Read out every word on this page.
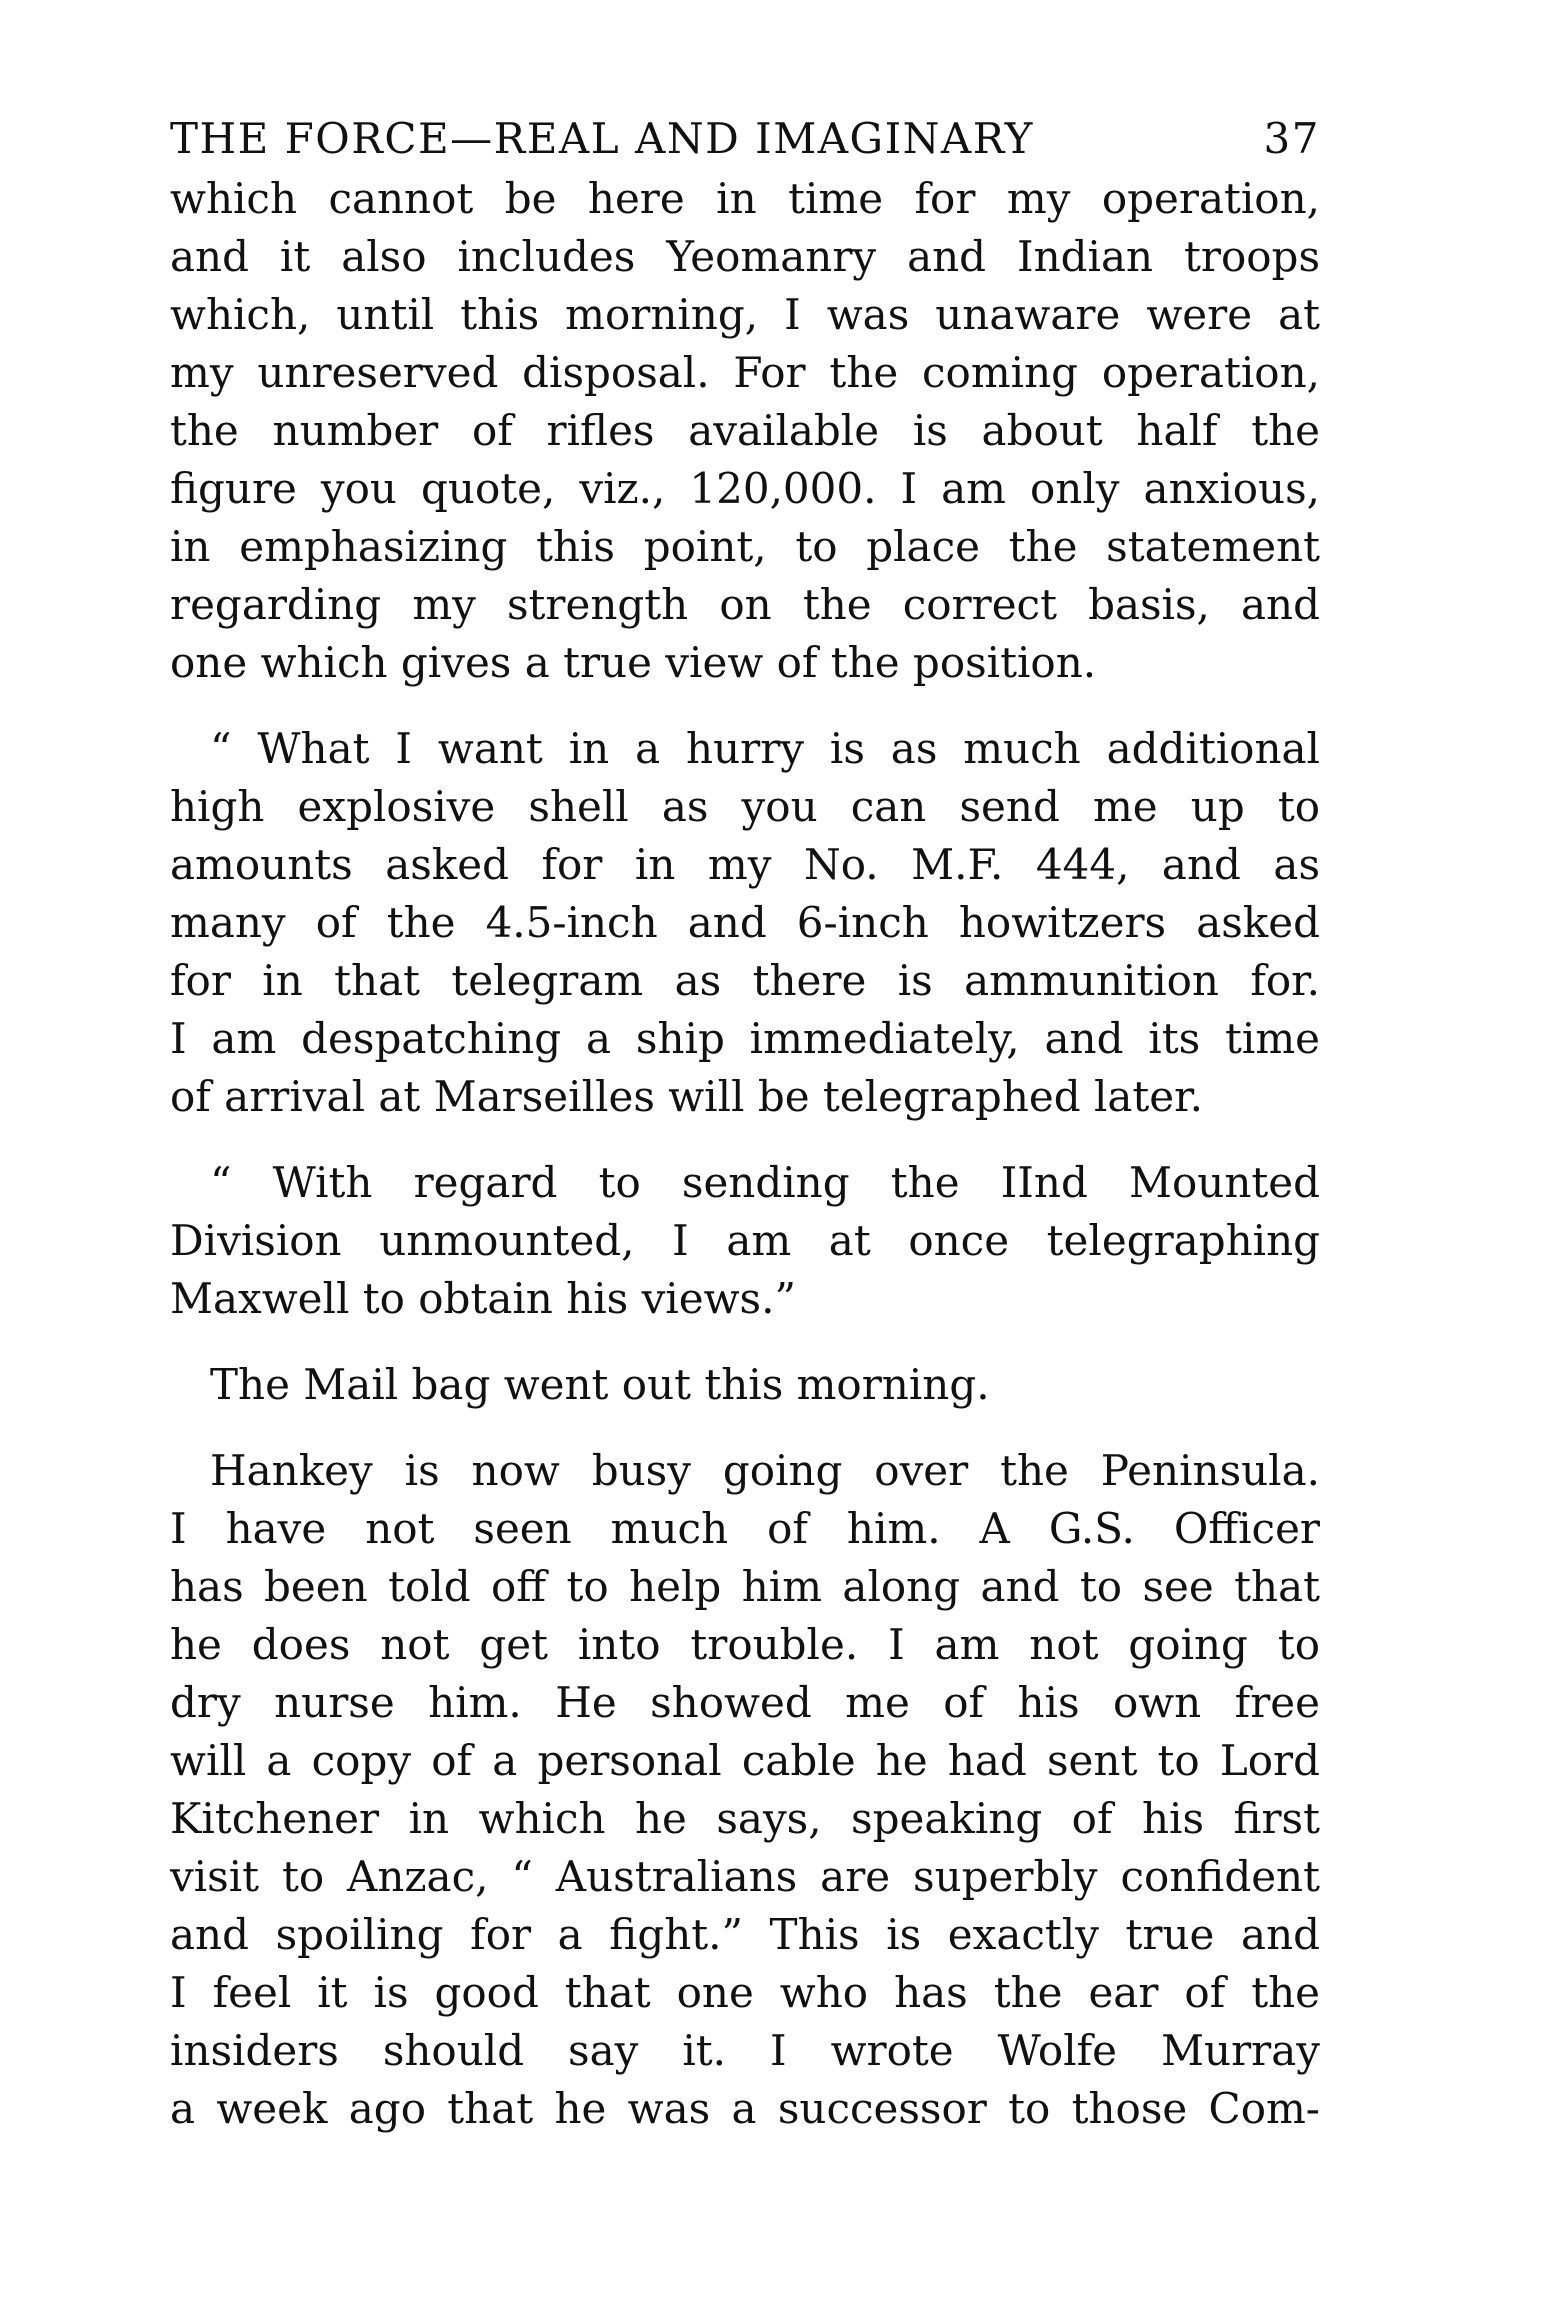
THE FORCE—REAL AND IMAGINARY	37

which cannot be here in time for my operation,
and it also includes Yeomanry and Indian troops
which, until this morning, I was unaware were at
my unreserved disposal. For the coming operation,
the number of rifles available is about half the
figure you quote, viz., 120,000. I am only anxious,
in emphasizing this point, to place the statement
regarding my strength on the correct basis, and
one which gives a true view of the position.

“ What I want in a hurry is as much additional
high explosive shell as you can send me up to
amounts asked for in my No. M.F. 444, and as
many of the 4.5-inch and 6-inch howitzers asked
for in that telegram as there is ammunition for.
I am despatching a ship immediately, and its time
of arrival at Marseilles will be telegraphed later.

“ With regard to sending the IInd Mounted
Division unmounted, I am at once telegraphing
Maxwell to obtain his views.”

The Mail bag went out this morning.

Hankey is now busy going over the Peninsula.
I have not seen much of him. A G.S. Officer
has been told off to help him along and to see that
he does not get into trouble. I am not going to
dry nurse him. He showed me of his own free
will a copy of a personal cable he had sent to Lord
Kitchener in which he says, speaking of his first
visit to Anzac, “ Australians are superbly confident
and spoiling for a fight.” This is exactly true and
I feel it is good that one who has the ear of the
insiders should say it. I wrote Wolfe Murray
a week ago that he was a successor to those Com-
